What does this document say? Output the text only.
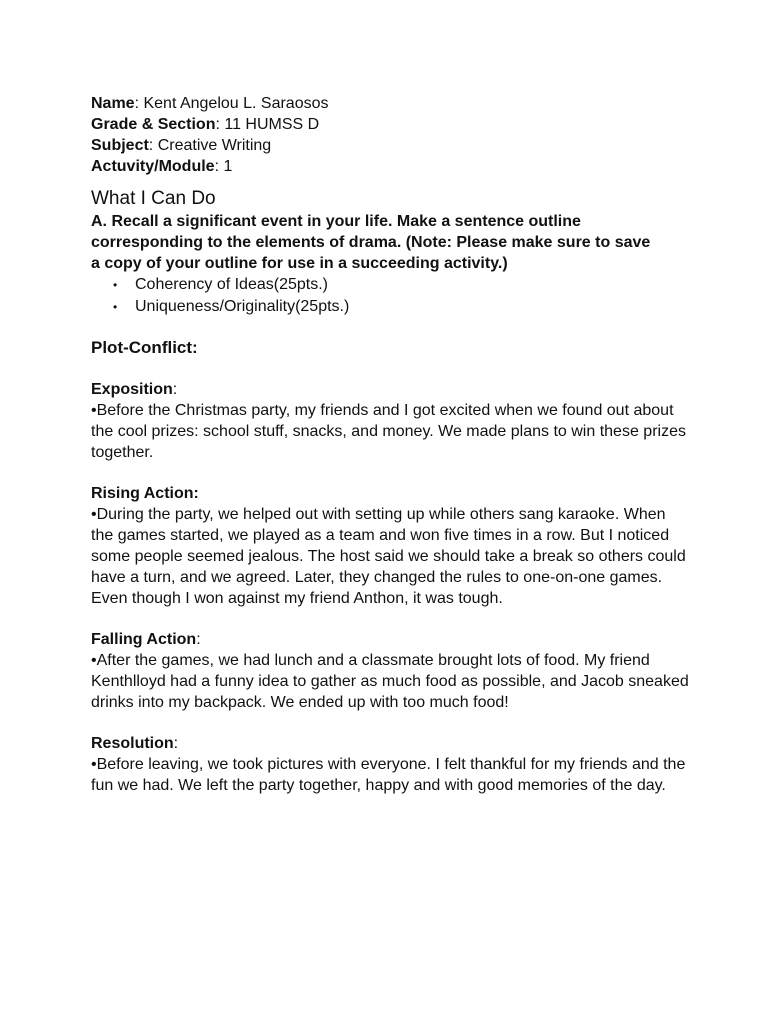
Name: Kent Angelou L. Saraosos
Grade & Section: 11 HUMSS D
Subject: Creative Writing
Actuvity/Module: 1
What I Can Do
A. Recall a significant event in your life. Make a sentence outline corresponding to the elements of drama. (Note: Please make sure to save a copy of your outline for use in a succeeding activity.)
• Coherency of Ideas(25pts.)
• Uniqueness/Originality(25pts.)
Plot-Conflict:
Exposition:
•Before the Christmas party, my friends and I got excited when we found out about the cool prizes: school stuff, snacks, and money. We made plans to win these prizes together.
Rising Action:
•During the party, we helped out with setting up while others sang karaoke. When the games started, we played as a team and won five times in a row. But I noticed some people seemed jealous. The host said we should take a break so others could have a turn, and we agreed. Later, they changed the rules to one-on-one games. Even though I won against my friend Anthon, it was tough.
Falling Action:
•After the games, we had lunch and a classmate brought lots of food. My friend Kenthlloyd had a funny idea to gather as much food as possible, and Jacob sneaked drinks into my backpack. We ended up with too much food!
Resolution:
•Before leaving, we took pictures with everyone. I felt thankful for my friends and the fun we had. We left the party together, happy and with good memories of the day.
